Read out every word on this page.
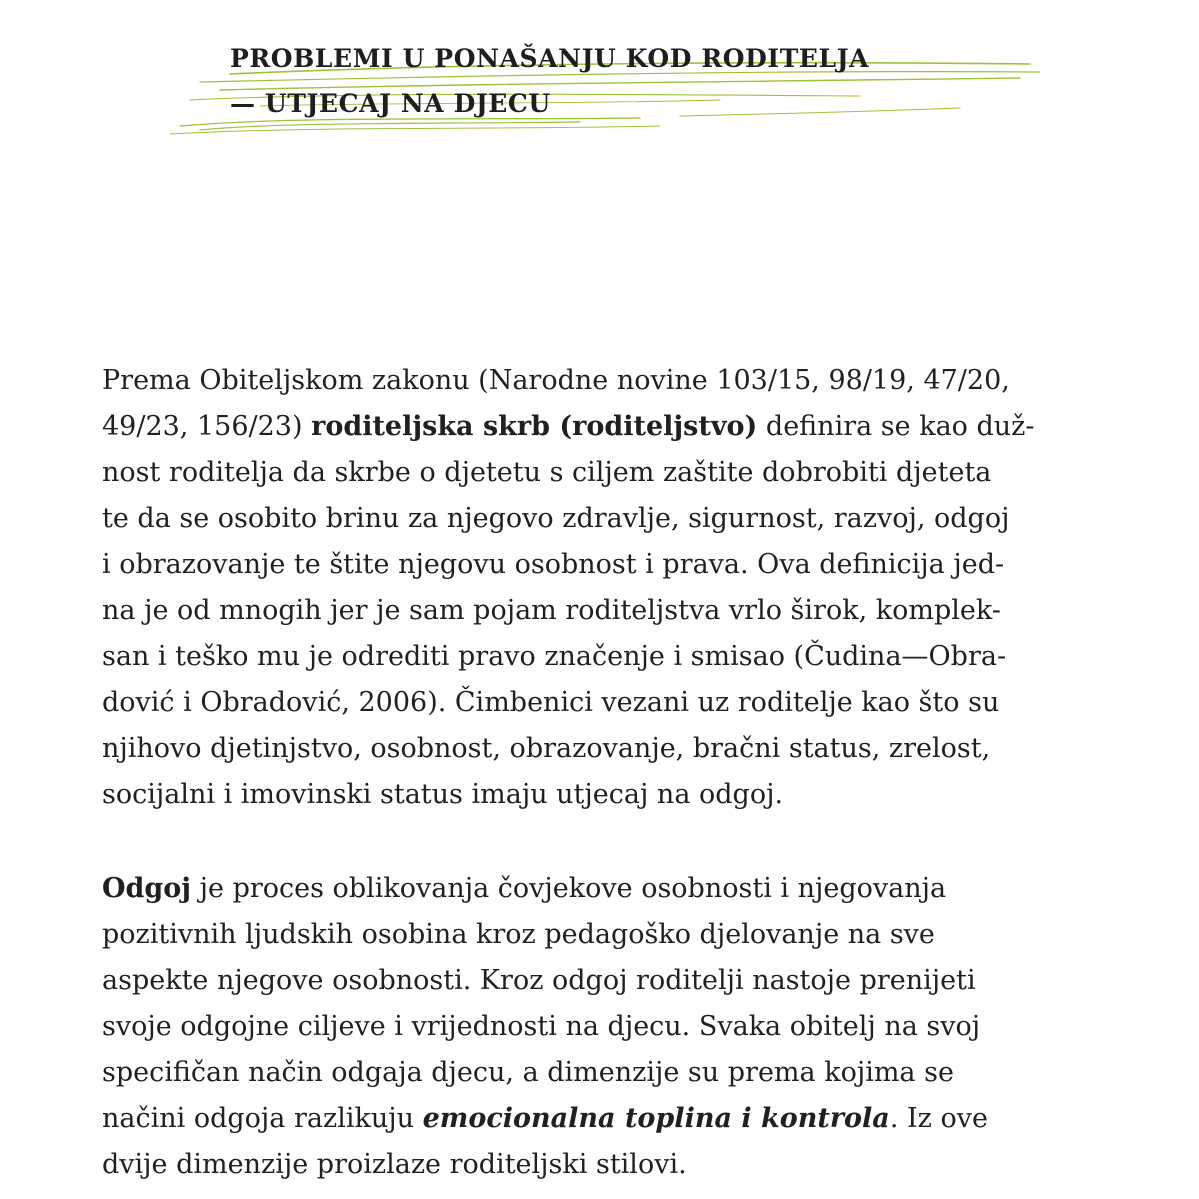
PROBLEMI U PONAŠANJU KOD RODITELJA
— UTJECAJ NA DJECU

Prema Obiteljskom zakonu (Narodne novine 103/15, 98/19, 47/20,
49/23, 156/23) roditeljska skrb (roditeljstvo) definira se kao duž-
nost roditelja da skrbe o djetetu s ciljem zaštite dobrobiti djeteta
te da se osobito brinu za njegovo zdravlje, sigurnost, razvoj, odgoj
i obrazovanje te štite njegovu osobnost i prava. Ova definicija jed-
na je od mnogih jer je sam pojam roditeljstva vrlo širok, komplek-
san i teško mu je odrediti pravo značenje i smisao (Čudina—Obra-
dović i Obradović, 2006). Čimbenici vezani uz roditelje kao što su
njihovo djetinjstvo, osobnost, obrazovanje, bračni status, zrelost,
socijalni i imovinski status imaju utjecaj na odgoj.

Odgoj je proces oblikovanja čovjekove osobnosti i njegovanja
pozitivnih ljudskih osobina kroz pedagoško djelovanje na sve
aspekte njegove osobnosti. Kroz odgoj roditelji nastoje prenijeti
svoje odgojne ciljeve i vrijednosti na djecu. Svaka obitelj na svoj
specifičan način odgaja djecu, a dimenzije su prema kojima se
načini odgoja razlikuju emocionalna toplina i kontrola. Iz ove
dvije dimenzije proizlaze roditeljski stilovi.
